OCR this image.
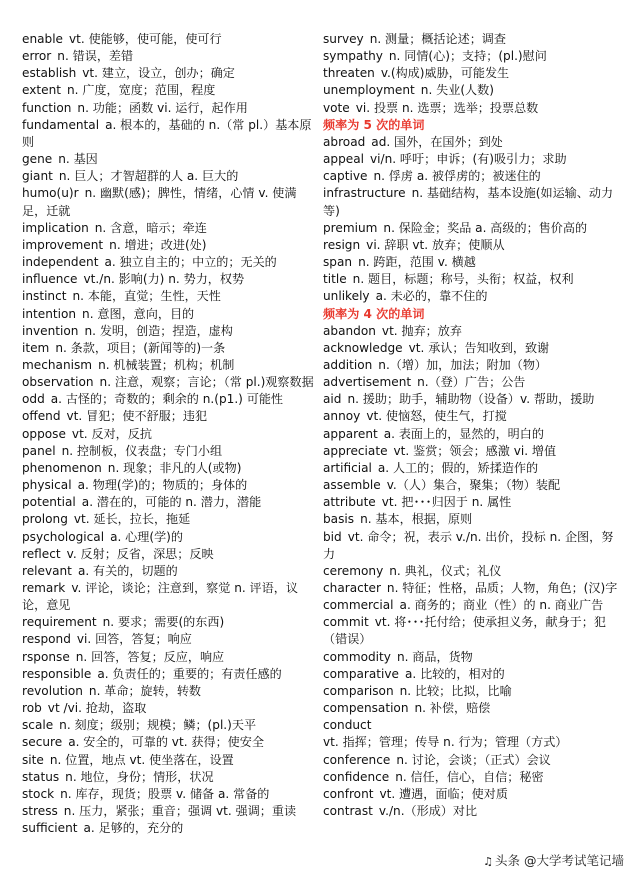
enable vt. 使能够，使可能，使可行
error n. 错误，差错
establish vt. 建立，设立，创办；确定
extent n. 广度，宽度；范围，程度
function n. 功能；函数 vi. 运行，起作用
fundamental a. 根本的，基础的 n.（常 pl.）基本原则
gene n. 基因
giant n. 巨人；才智超群的人 a. 巨大的
humo(u)r n. 幽默(感)；脾性，情绪，心情 v. 使满足，迁就
implication n. 含意，暗示；牵连
improvement n. 增进；改进(处)
independent a. 独立自主的；中立的；无关的
influence vt./n. 影响(力) n. 势力，权势
instinct n. 本能，直觉；生性，天性
intention n. 意图，意向，目的
invention n. 发明，创造；捏造，虚构
item n. 条款，项目；(新闻等的)一条
mechanism n. 机械装置；机构；机制
observation n. 注意，观察；言论；（常 pl.)观察数据
odd a. 古怪的；奇数的；剩余的 n.(p1.) 可能性
offend vt. 冒犯；使不舒服；违犯
oppose vt. 反对，反抗
panel n. 控制板，仪表盘；专门小组
phenomenon n. 现象；非凡的人(或物)
physical a. 物理(学)的；物质的；身体的
potential a. 潜在的，可能的 n. 潜力，潜能
prolong vt. 延长，拉长，拖延
psychological a. 心理(学)的
reflect v. 反射；反省，深思；反映
relevant a. 有关的，切题的
remark v. 评论，谈论；注意到，察觉 n. 评语，议论，意见
requirement n. 要求；需要(的东西)
respond vi. 回答，答复；响应
rsponse n. 回答，答复；反应，响应
responsible a. 负责任的；重要的；有责任感的
revolution n. 革命；旋转，转数
rob vt /vi. 抢劫，盗取
scale n. 刻度；级别；规模；鳞；(pl.)天平
secure a. 安全的，可靠的 vt. 获得；使安全
site n. 位置，地点 vt. 使坐落在，设置
status n. 地位，身份；情形，状况
stock n. 库存，现货；股票 v. 储备 a. 常备的
stress n. 压力，紧张；重音；强调 vt. 强调；重读
sufficient a. 足够的，充分的
survey n. 测量；概括论述；调查
sympathy n. 同情(心)；支持；(pl.)慰问
threaten v.(构成)威胁，可能发生
unemployment n. 失业(人数)
vote vi. 投票 n. 选票；选举；投票总数
频率为 5 次的单词
abroad ad. 国外，在国外；到处
appeal vi/n. 呼吁；申诉；(有)吸引力；求助
captive n. 俘虏 a. 被俘虏的；被迷住的
infrastructure n. 基础结构，基本设施(如运输、动力等)
premium n. 保险金；奖品 a. 高级的；售价高的
resign vi. 辞职 vt. 放弃；使顺从
span n. 跨距，范围 v. 横越
title n. 题目，标题；称号，头衔；权益，权利
unlikely a. 未必的，靠不住的
频率为 4 次的单词
abandon vt. 抛弃；放弃
acknowledge vt. 承认；告知收到，致谢
addition n.（增）加，加法；附加（物）
advertisement n.（登）广告；公告
aid n. 援助；助手，辅助物（设备）v. 帮助，援助
annoy vt. 使恼怒，使生气，打搅
apparent a. 表面上的，显然的，明白的
appreciate vt. 鉴赏；领会；感激 vi. 增值
artificial a. 人工的；假的，矫揉造作的
assemble v.（人）集合，聚集；（物）装配
attribute vt. 把･･･归因于 n. 属性
basis n. 基本，根据，原则
bid vt. 命令；祝，表示 v./n. 出价，投标 n. 企图，努力
ceremony n. 典礼，仪式；礼仪
character n. 特征；性格，品质；人物，角色；(汉)字
commercial a. 商务的；商业（性）的 n. 商业广告
commit vt. 将･･･托付给；使承担义务，献身于；犯（错误）
commodity n. 商品，货物
comparative a. 比较的，相对的
comparison n. 比较；比拟，比喻
compensation n. 补偿，赔偿
conductvt. 指挥；管理；传导 n. 行为；管理（方式）
conference n. 讨论，会谈；（正式）会议
confidence n. 信任，信心，自信；秘密
confront vt. 遭遇，面临；使对质
contrast v./n.（形成）对比
♫ 头条 @大学考试笔记墙
